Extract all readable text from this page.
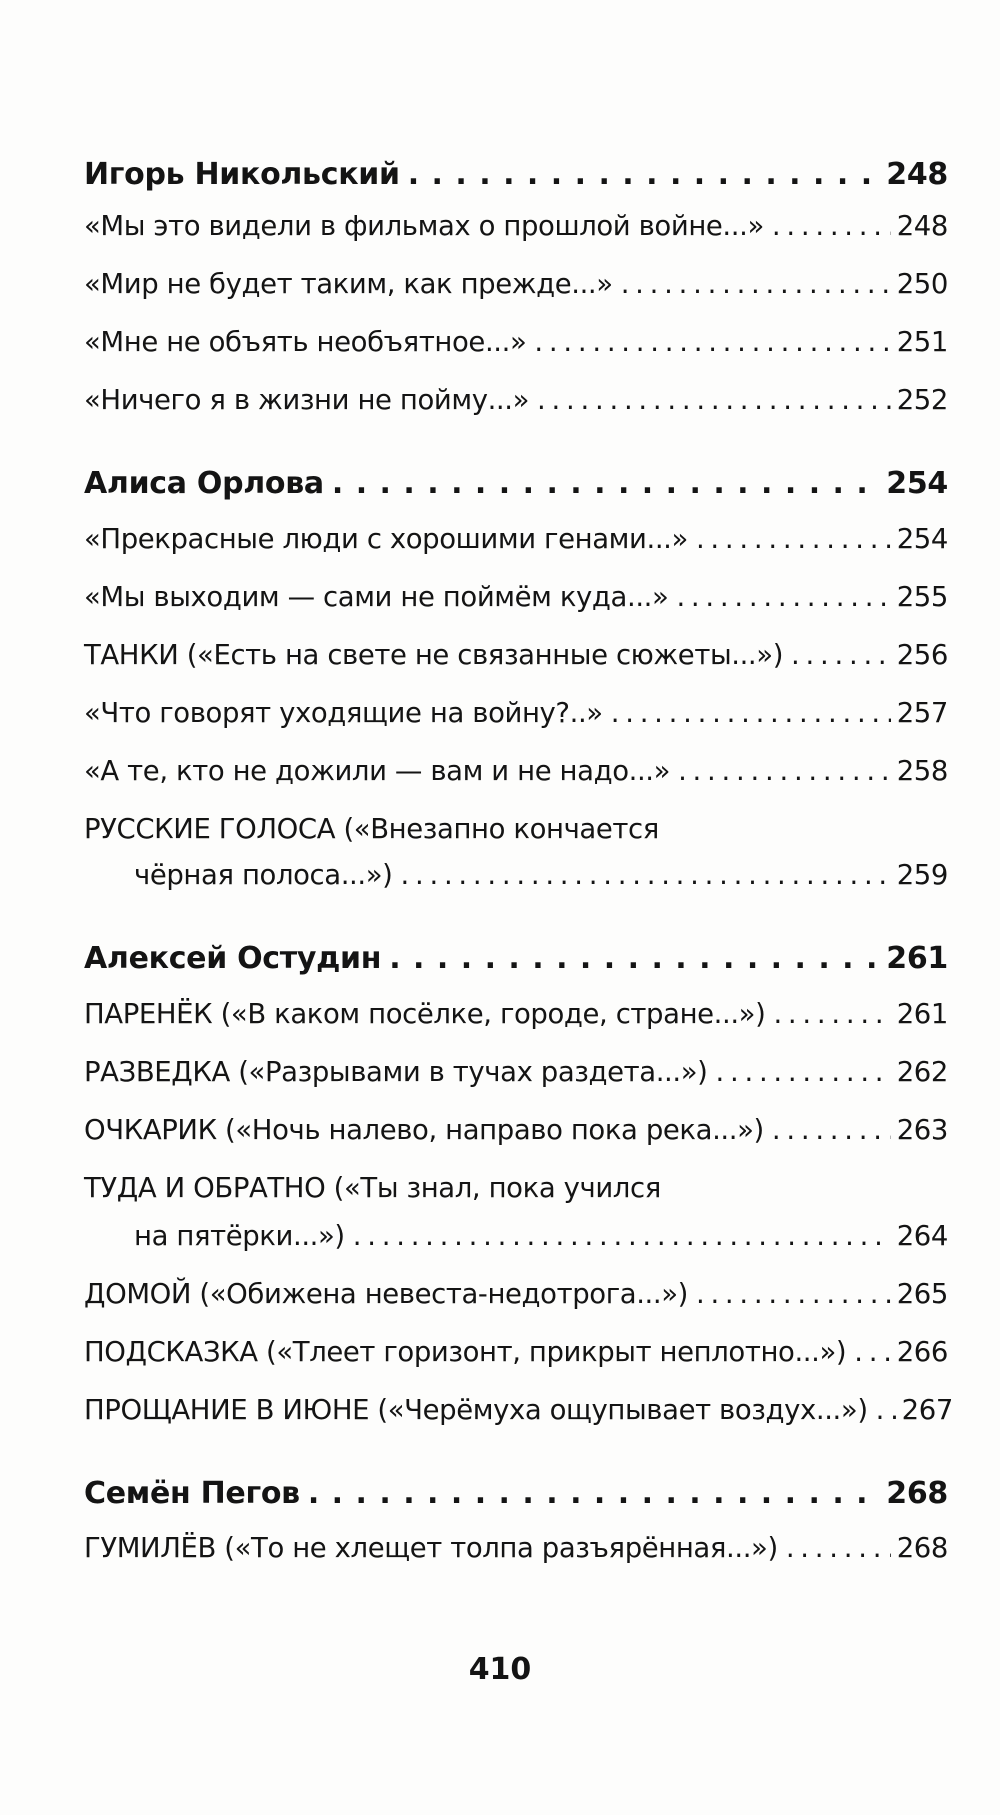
Игорь Никольский . . .	248
«Мы это видели в фильмах о прошлой войне...» . . .	248
«Мир не будет таким, как прежде...» . . .	250
«Мне не объять необъятное...» . . .	251
«Ничего я в жизни не пойму...» . . .	252
Алиса Орлова . . .	254
«Прекрасные люди с хорошими генами...» . . .	254
«Мы выходим — сами не поймём куда...» . . .	255
ТАНКИ («Есть на свете не связанные сюжеты...») . . .	256
«Что говорят уходящие на войну?..» . . .	257
«А те, кто не дожили — вам и не надо...» . . .	258
РУССКИЕ ГОЛОСА («Внезапно кончается
чёрная полоса...») . . .	259
Алексей Остудин . . .	261
ПАРЕНЁК («В каком посёлке, городе, стране...») . . .	261
РАЗВЕДКА («Разрывами в тучах раздета...») . . .	262
ОЧКАРИК («Ночь налево, направо пока река...») . . .	263
ТУДА И ОБРАТНО («Ты знал, пока учился
на пятёрки...») . . .	264
ДОМОЙ («Обижена невеста-недотрога...») . . .	265
ПОДСКАЗКА («Тлеет горизонт, прикрыт неплотно...») . . . 266
ПРОЩАНИЕ В ИЮНЕ («Черёмуха ощупывает воздух...») . . . 267
Семён Пегов . . .	268
ГУМИЛЁВ («То не хлещет толпа разъярённая...») . . .	268
410
